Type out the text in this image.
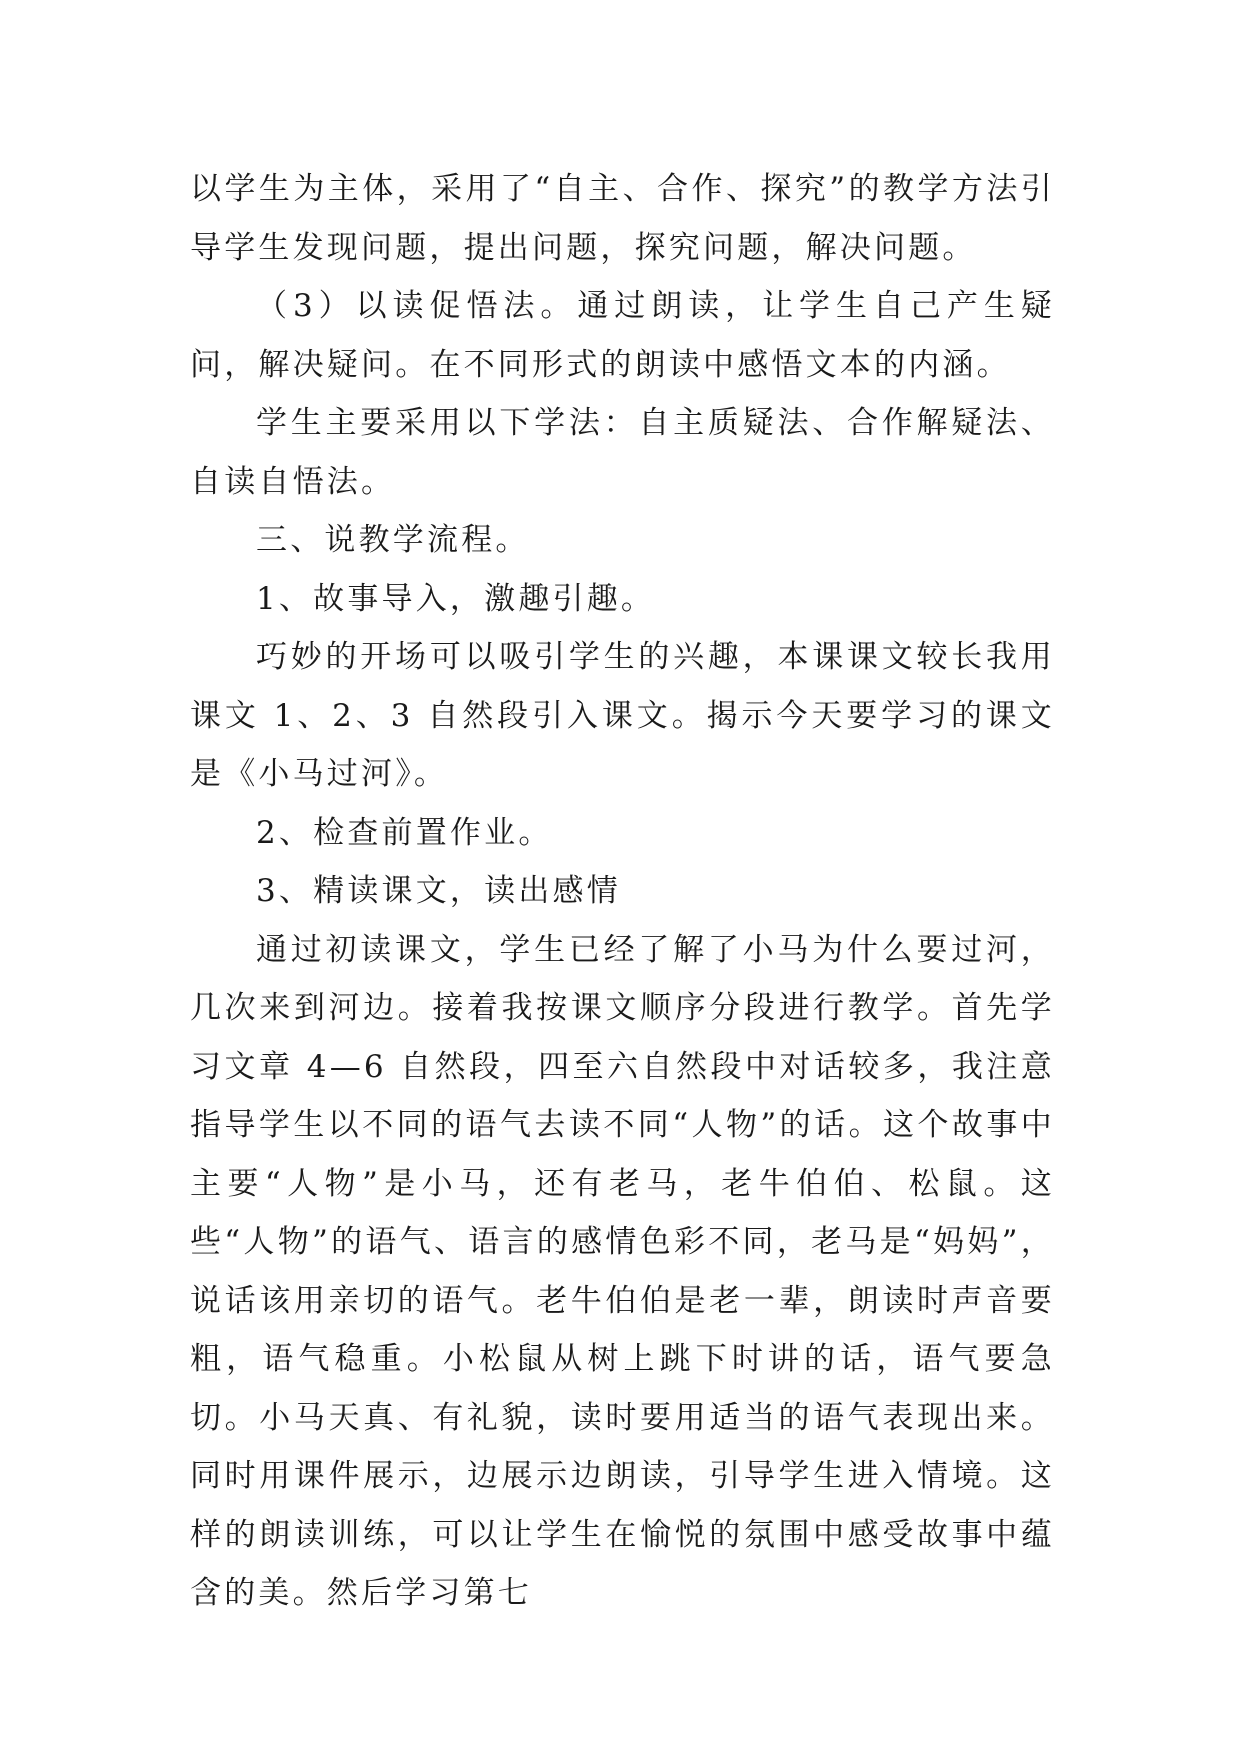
以学生为主体，采用了“自主、合作、探究”的教学方法引导学生发现问题，提出问题，探究问题，解决问题。

（3）以读促悟法。通过朗读，让学生自己产生疑问，解决疑问。在不同形式的朗读中感悟文本的内涵。

学生主要采用以下学法：自主质疑法、合作解疑法、自读自悟法。

三、说教学流程。

1、故事导入，激趣引趣。

巧妙的开场可以吸引学生的兴趣，本课课文较长我用课文 1、2、3 自然段引入课文。揭示今天要学习的课文是《小马过河》。

2、检查前置作业。

3、精读课文，读出感情

通过初读课文，学生已经了解了小马为什么要过河，几次来到河边。接着我按课文顺序分段进行教学。首先学习文章 4—6 自然段，四至六自然段中对话较多，我注意指导学生以不同的语气去读不同“人物”的话。这个故事中主要“人物”是小马，还有老马，老牛伯伯、松鼠。这些“人物”的语气、语言的感情色彩不同，老马是“妈妈”，说话该用亲切的语气。老牛伯伯是老一辈，朗读时声音要粗，语气稳重。小松鼠从树上跳下时讲的话，语气要急切。小马天真、有礼貌，读时要用适当的语气表现出来。同时用课件展示，边展示边朗读，引导学生进入情境。这样的朗读训练，可以让学生在愉悦的氛围中感受故事中蕴含的美。然后学习第七
